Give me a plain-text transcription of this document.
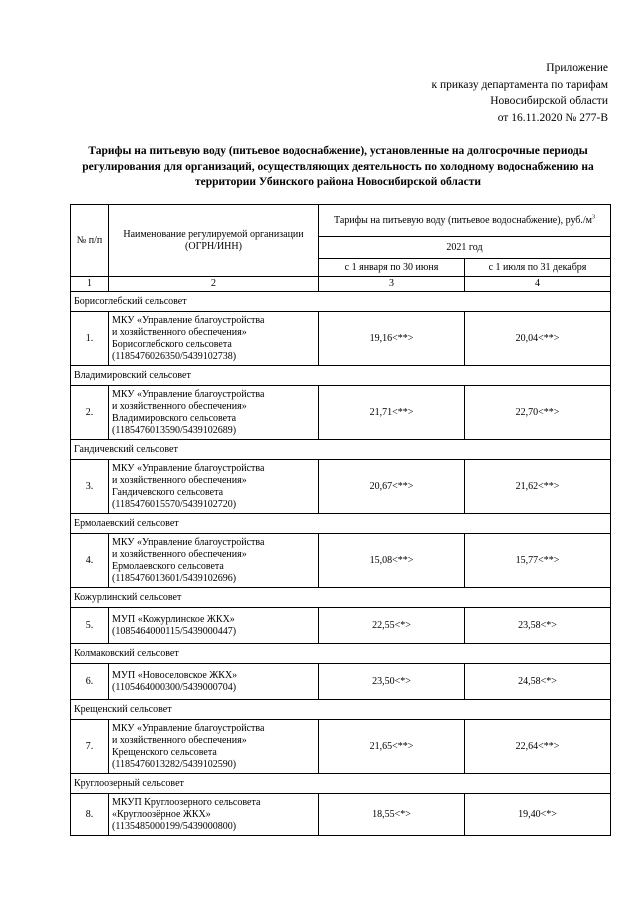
Приложение
к приказу департамента по тарифам
Новосибирской области
от 16.11.2020 № 277-В
Тарифы на питьевую воду (питьевое водоснабжение), установленные на долгосрочные периоды регулирования для организаций, осуществляющих деятельность по холодному водоснабжению на территории Убинского района Новосибирской области
№ п/п	Наименование регулируемой организации (ОГРН/ИНН)	Тарифы на питьевую воду (питьевое водоснабжение), $руб./м^3$
		2021 год	
		с 1 января по 30 июня	с 1 июля по 31 декабря
1	2	3	4
Борисоглебский сельсовет			
1.	МКУ «Управление благоустройства
и хозяйственного обеспечения»
Борисоглебского сельсовета
(1185476026350/5439102738)	19,16<**>	20,04<**>
Владимировский сельсовет			
2.	МКУ «Управление благоустройства
и хозяйственного обеспечения»
Владимировского сельсовета
(1185476013590/5439102689)	21,71<**>	22,70<**>
Гандичевский сельсовет			
3.	МКУ «Управление благоустройства
и хозяйственного обеспечения»
Гандичевского сельсовета
(1185476015570/5439102720)	20,67<**>	21,62<**>
Ермолаевский сельсовет			
4.	МКУ «Управление благоустройства
и хозяйственного обеспечения»
Ермолаевского сельсовета
(1185476013601/5439102696)	15,08<**>	15,77<**>
Кожурлинский сельсовет			
5.	МУП «Кожурлинское ЖКХ»
(1085464000115/5439000447)	22,55<*>	23,58<*>
Колмаковский сельсовет			
6.	МУП «Новоселовское ЖКХ»
(1105464000300/5439000704)	23,50<*>	24,58<*>
Крещенский сельсовет			
7.	МКУ «Управление благоустройства
и хозяйственного обеспечения»
Крещенского сельсовета
(1185476013282/5439102590)	21,65<**>	22,64<**>
Круглоозерный сельсовет			
8.	МКУП Круглоозерного сельсовета
«Круглоозёрное ЖКХ»
(1135485000199/5439000800)	18,55<*>	19,40<*>
